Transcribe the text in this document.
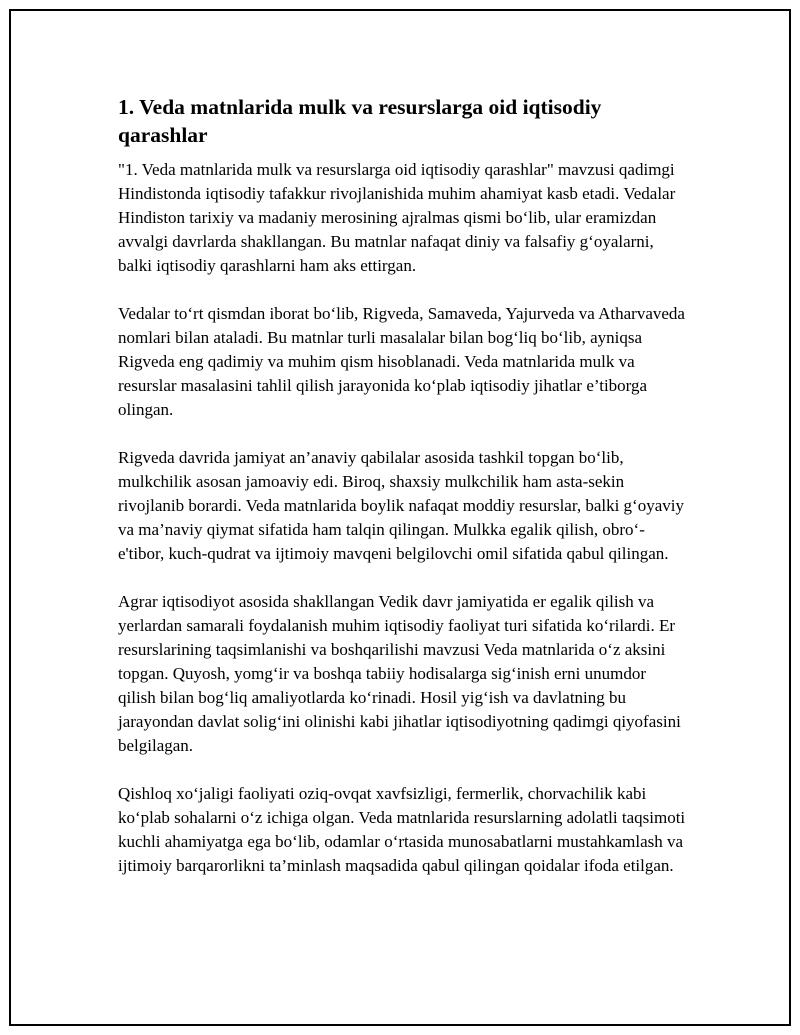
1. Veda matnlarida mulk va resurslarga oid iqtisodiy qarashlar

"1. Veda matnlarida mulk va resurslarga oid iqtisodiy qarashlar" mavzusi qadimgi Hindistonda iqtisodiy tafakkur rivojlanishida muhim ahamiyat kasb etadi. Vedalar Hindiston tarixiy va madaniy merosining ajralmas qismi bo‘lib, ular eramizdan avvalgi davrlarda shakllangan. Bu matnlar nafaqat diniy va falsafiy g‘oyalarni, balki iqtisodiy qarashlarni ham aks ettirgan.

Vedalar to‘rt qismdan iborat bo‘lib, Rigveda, Samaveda, Yajurveda va Atharvaveda nomlari bilan ataladi. Bu matnlar turli masalalar bilan bog‘liq bo‘lib, ayniqsa Rigveda eng qadimiy va muhim qism hisoblanadi. Veda matnlarida mulk va resurslar masalasini tahlil qilish jarayonida ko‘plab iqtisodiy jihatlar e’tiborga olingan.

Rigveda davrida jamiyat an’anaviy qabilalar asosida tashkil topgan bo‘lib, mulkchilik asosan jamoaviy edi. Biroq, shaxsiy mulkchilik ham asta-sekin rivojlanib borardi. Veda matnlarida boylik nafaqat moddiy resurslar, balki g‘oyaviy va ma’naviy qiymat sifatida ham talqin qilingan. Mulkka egalik qilish, obro‘-e'tibor, kuch-qudrat va ijtimoiy mavqeni belgilovchi omil sifatida qabul qilingan.

Agrar iqtisodiyot asosida shakllangan Vedik davr jamiyatida er egalik qilish va yerlardan samarali foydalanish muhim iqtisodiy faoliyat turi sifatida ko‘rilardi. Er resurslarining taqsimlanishi va boshqarilishi mavzusi Veda matnlarida o‘z aksini topgan. Quyosh, yomg‘ir va boshqa tabiiy hodisalarga sig‘inish erni unumdor qilish bilan bog‘liq amaliyotlarda ko‘rinadi. Hosil yig‘ish va davlatning bu jarayondan davlat solig‘ini olinishi kabi jihatlar iqtisodiyotning qadimgi qiyofasini belgilagan.

Qishloq xo‘jaligi faoliyati oziq-ovqat xavfsizligi, fermerlik, chorvachilik kabi ko‘plab sohalarni o‘z ichiga olgan. Veda matnlarida resurslarning adolatli taqsimoti kuchli ahamiyatga ega bo‘lib, odamlar o‘rtasida munosabatlarni mustahkamlash va ijtimoiy barqarorlikni ta’minlash maqsadida qabul qilingan qoidalar ifoda etilgan.
